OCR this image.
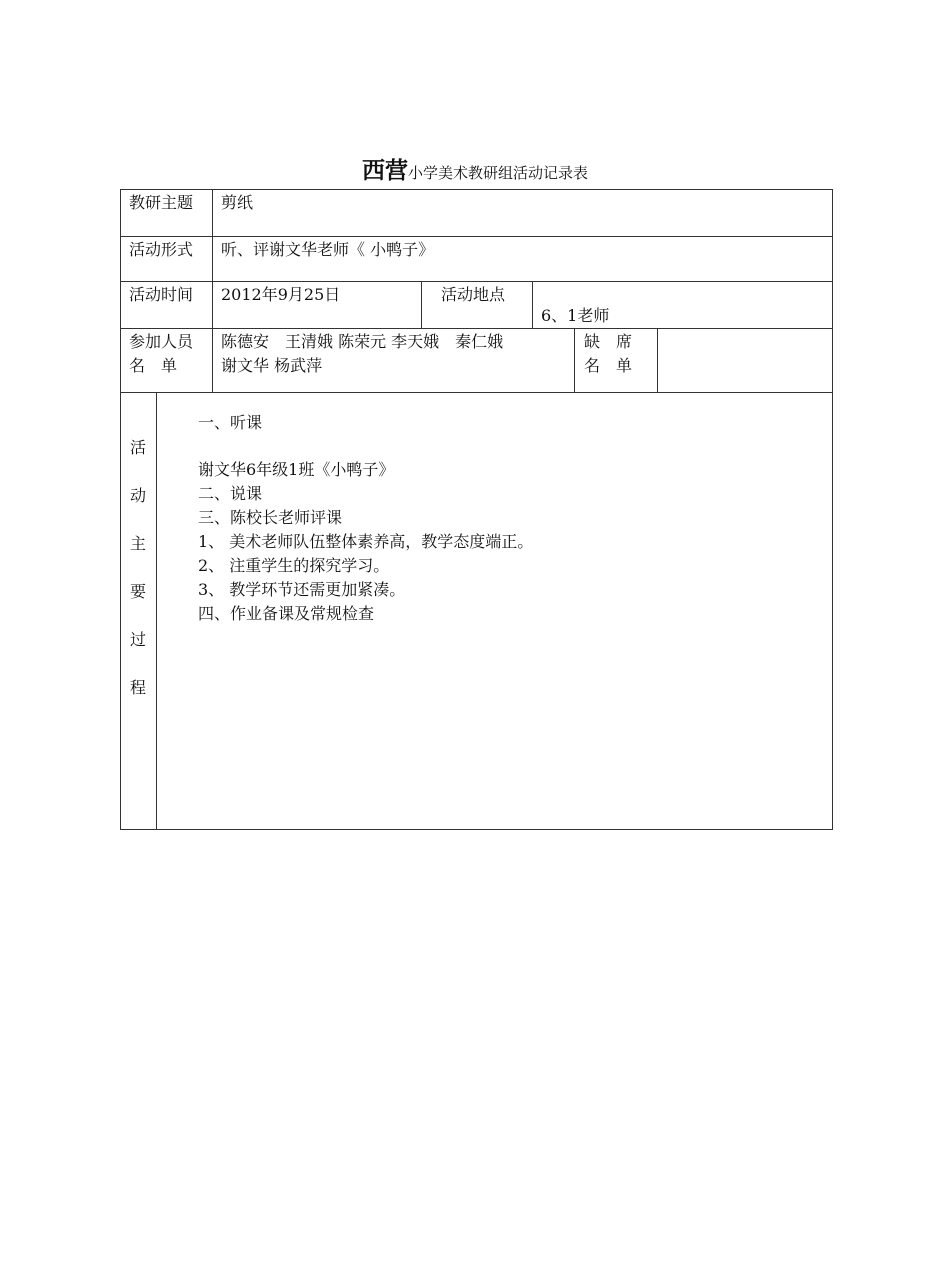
西营小学美术教研组活动记录表
教研主题 剪纸
活动形式 听、评谢文华老师《 小鸭子》
活动时间 2012年9月25日	活动地点
6、1老师
参加人员
名　单
陈德安　王清娥 陈荣元 李天娥　秦仁娥
谢文华 杨武萍
缺　席
名　单
活
动
主
要
过
程
一、听课
谢文华6年级1班《小鸭子》
二、说课
三、陈校长老师评课
1、 美术老师队伍整体素养高，教学态度端正。
2、 注重学生的探究学习。
3、 教学环节还需更加紧凑。
四、作业备课及常规检查
